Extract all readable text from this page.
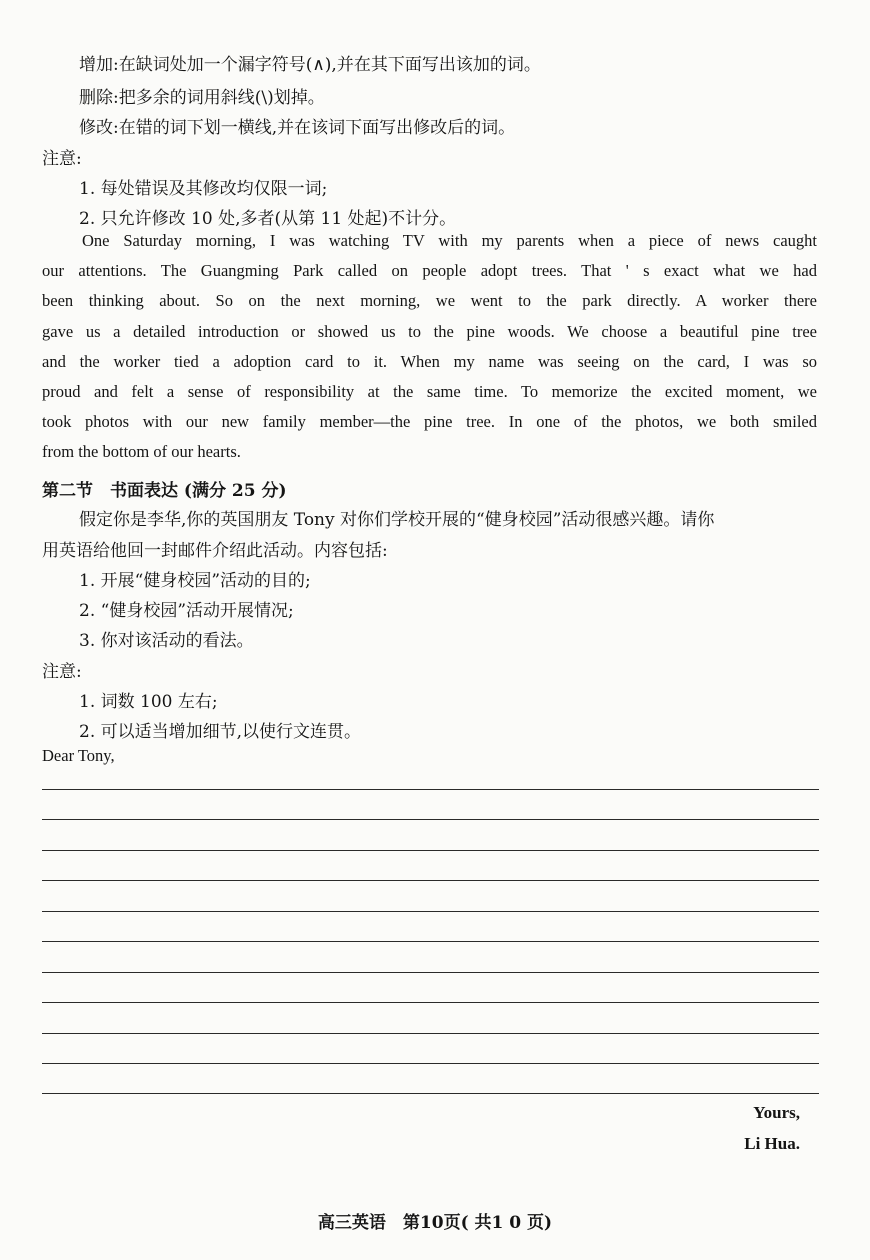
增加:在缺词处加一个漏字符号(∧),并在其下面写出该加的词。
删除:把多余的词用斜线(\)划掉。
修改:在错的词下划一横线,并在该词下面写出修改后的词。
注意:
1. 每处错误及其修改均仅限一词;
2. 只允许修改 10 处,多者(从第 11 处起)不计分。

One Saturday morning, I was watching TV with my parents when a piece of news caught

our attentions. The Guangming Park called on people adopt trees. That ' s exact what we had

been thinking about. So on the next morning, we went to the park directly. A worker there

gave us a detailed introduction or showed us to the pine woods. We choose a beautiful pine tree

and the worker tied a adoption card to it. When my name was seeing on the card, I was so

proud and felt a sense of responsibility at the same time. To memorize the excited moment, we

took photos with our new family member—the pine tree. In one of the photos, we both smiled

from the bottom of our hearts.

第二节　书面表达 (满分 25 分)
假定你是李华,你的英国朋友 Tony 对你们学校开展的“健身校园”活动很感兴趣。请你
用英语给他回一封邮件介绍此活动。内容包括:
1. 开展“健身校园”活动的目的;
2. “健身校园”活动开展情况;
3. 你对该活动的看法。
注意:
1. 词数 100 左右;
2. 可以适当增加细节,以使行文连贯。
Dear Tony,
Yours,
Li Hua.
高三英语　第10页( 共1 0 页)
